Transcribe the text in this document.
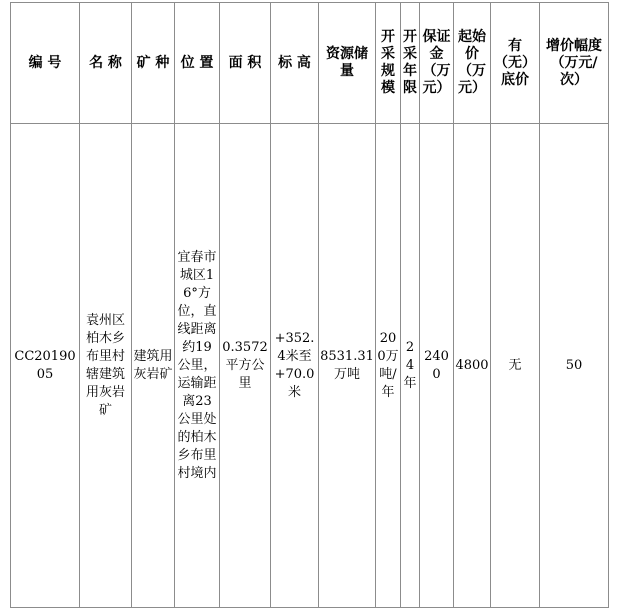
编 号	名 称	矿 种	位 置	面 积	标 高	资源储量	开采规模	开采年限	保证金（万元）	起始价（万元）	有（无）底价	增价幅度（万元/次）
CC2019005	袁州区柏木乡布里村辖建筑用灰岩矿	建筑用灰岩矿	宜春市城区16°方位，直线距离约19公里，运输距离23公里处的柏木乡布里村境内	0.3572平方公里	+352.4米至+70.0米	8531.31万吨	200万吨/年	24年	2400	4800	无	50
